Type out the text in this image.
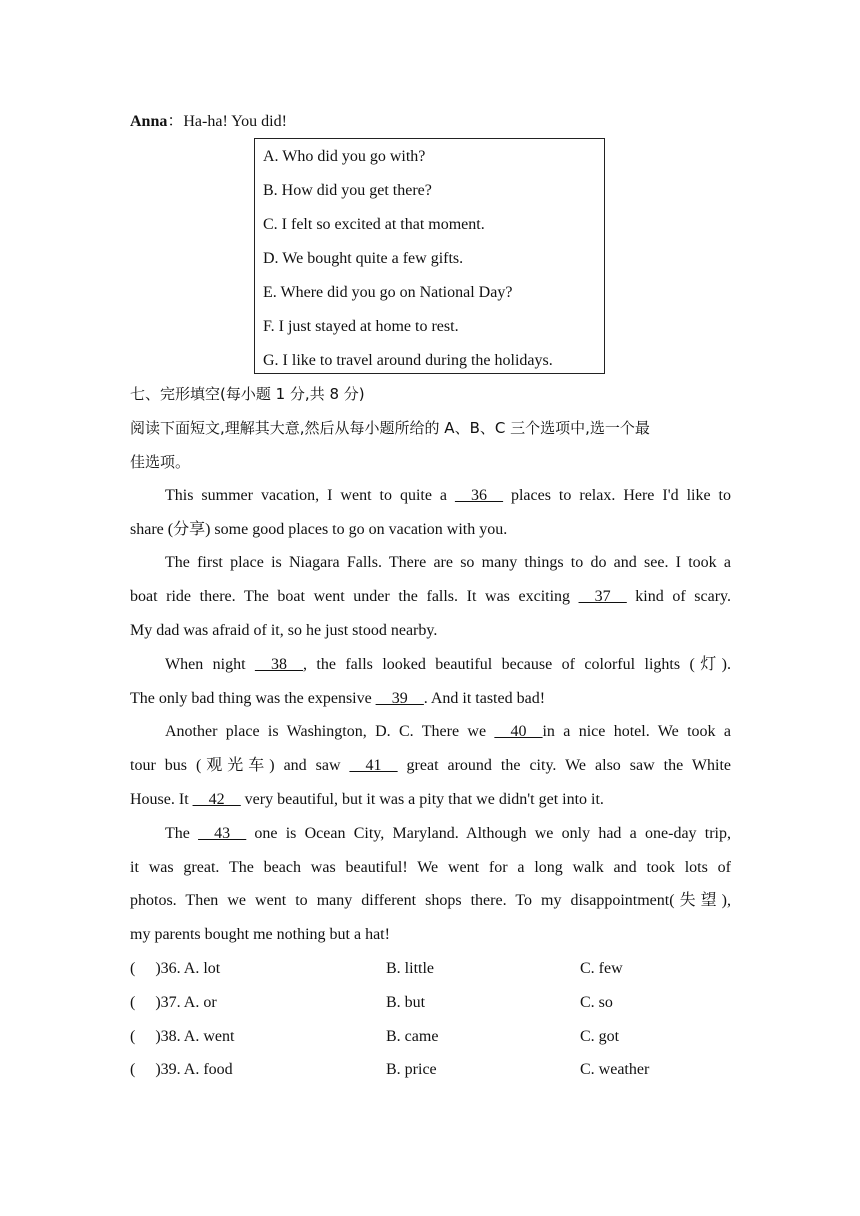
Anna：Ha-ha! You did!
A. Who did you go with?
B. How did you get there?
C. I felt so excited at that moment.
D. We bought quite a few gifts.
E. Where did you go on National Day?
F. I just stayed at home to rest.
G. I like to travel around during the holidays.
七、完形填空(每小题 1 分,共 8 分)
阅读下面短文,理解其大意,然后从每小题所给的 A、B、C 三个选项中,选一个最
佳选项。
This summer vacation, I went to quite a __36__ places to relax. Here I'd like to
share (分享) some good places to go on vacation with you.
The first place is Niagara Falls. There are so many things to do and see. I took a
boat ride there. The boat went under the falls. It was exciting __37__ kind of scary.
My dad was afraid of it, so he just stood nearby.
When night __38__, the falls looked beautiful because of colorful lights (灯).
The only bad thing was the expensive __39__. And it tasted bad!
Another place is Washington, D. C. There we __40__in a nice hotel. We took a
tour bus (观光车) and saw __41__ great around the city. We also saw the White
House. It __42__ very beautiful, but it was a pity that we didn't get into it.
The __43__ one is Ocean City, Maryland. Although we only had a one-day trip,
it was great. The beach was beautiful! We went for a long walk and took lots of
photos. Then we went to many different shops there. To my disappointment(失望),
my parents bought me nothing but a hat!
(     )36. A. lot	B. little	C. few
(     )37. A. or	B. but	C. so
(     )38. A. went	B. came	C. got
(     )39. A. food	B. price	C. weather
